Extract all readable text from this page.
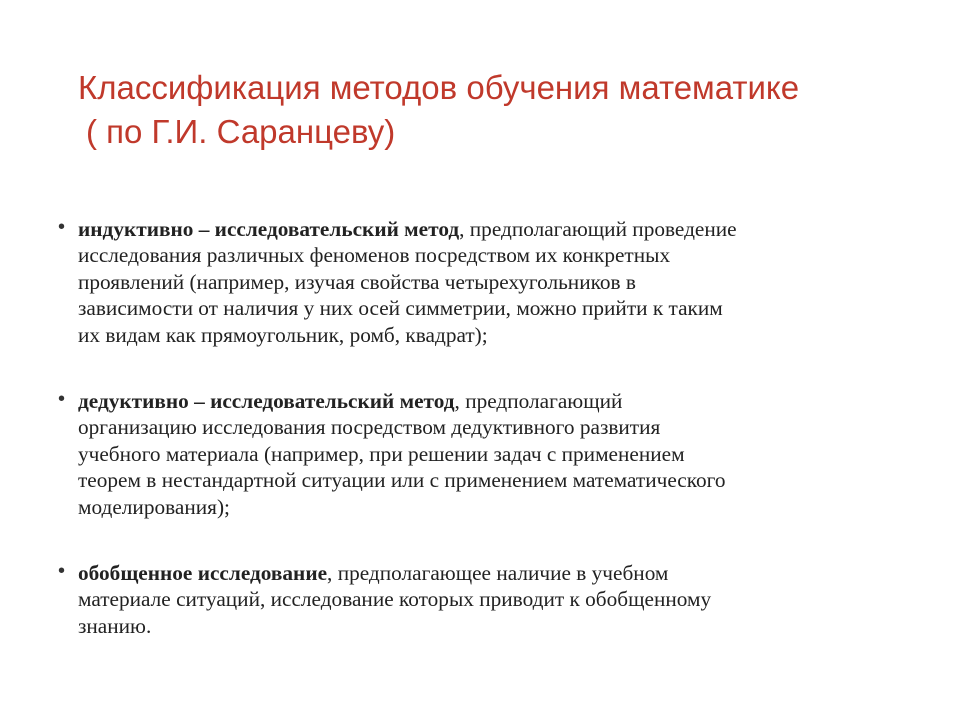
Классификация методов обучения математике
( по Г.И. Саранцеву)
• индуктивно – исследовательский метод, предполагающий проведение
исследования различных феноменов посредством их конкретных
проявлений (например, изучая свойства четырехугольников в
зависимости от наличия у них осей симметрии, можно прийти к таким
их видам как прямоугольник, ромб, квадрат);
• дедуктивно – исследовательский метод, предполагающий
организацию исследования посредством дедуктивного развития
учебного материала (например, при решении задач с применением
теорем в нестандартной ситуации или с применением математического
моделирования);
• обобщенное исследование, предполагающее наличие в учебном
материале ситуаций, исследование которых приводит к обобщенному
знанию.
